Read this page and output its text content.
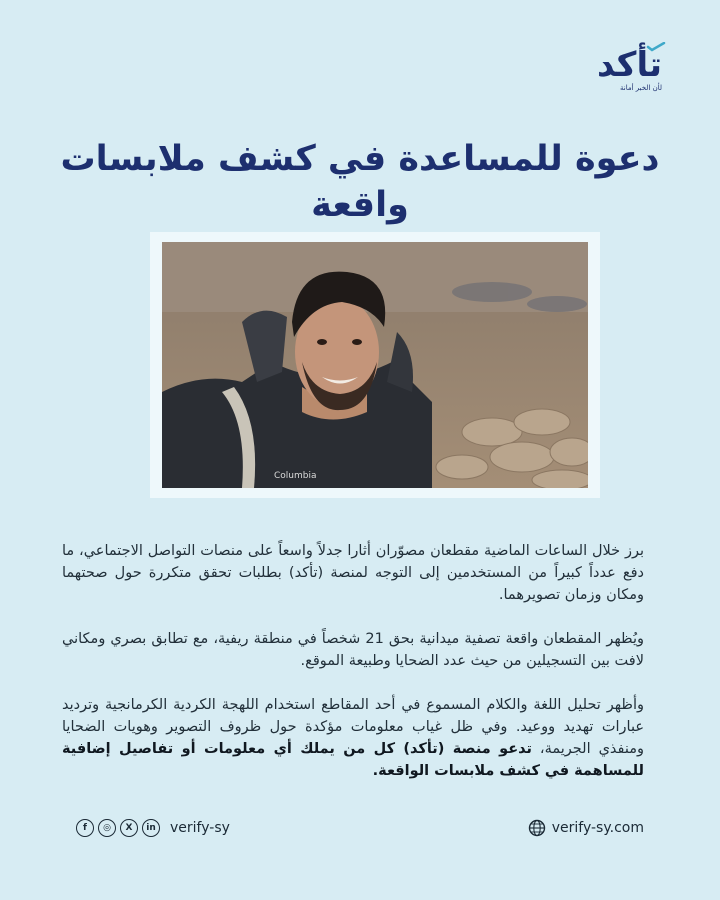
تأكد
لأن الخبر أمانة
دعوة للمساعدة في كشف ملابسات واقعة
Columbia

برز خلال الساعات الماضية مقطعان مصوّران أثارا جدلاً واسعاً على منصات التواصل الاجتماعي، ما دفع عدداً كبيراً من المستخدمين إلى التوجه لمنصة (تأكد) بطلبات تحقق متكررة حول صحتهما ومكان وزمان تصويرهما.

ويُظهر المقطعان واقعة تصفية ميدانية بحق 21 شخصاً في منطقة ريفية، مع تطابق بصري ومكاني لافت بين التسجيلين من حيث عدد الضحايا وطبيعة الموقع.

وأظهر تحليل اللغة والكلام المسموع في أحد المقاطع استخدام اللهجة الكردية الكرمانجية وترديد عبارات تهديد ووعيد. وفي ظل غياب معلومات مؤكدة حول ظروف التصوير وهويات الضحايا ومنفذي الجريمة، تدعو منصة (تأكد) كل من يملك أي معلومات أو تفاصيل إضافية للمساهمة في كشف ملابسات الواقعة.

f	◎	X	in	verify-sy	verify-sy.com
